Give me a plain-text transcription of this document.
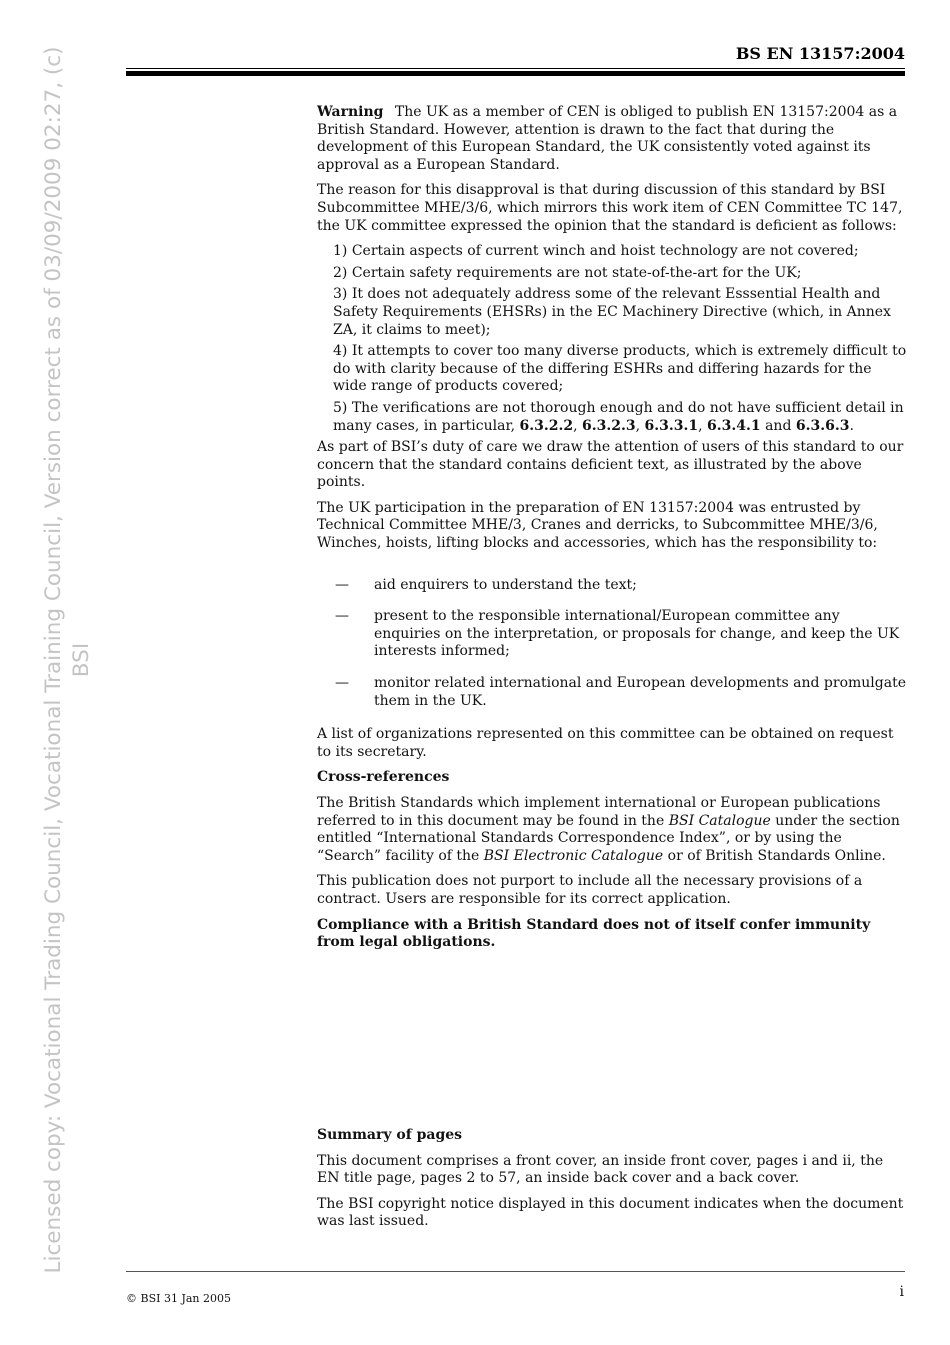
Licensed copy: Vocational Trading Council, Vocational Training Council, Version correct as of 03/09/2009 02:27, (c) BSI
BS EN 13157:2004

Warning The UK as a member of CEN is obliged to publish EN 13157:2004 as a British Standard. However, attention is drawn to the fact that during the development of this European Standard, the UK consistently voted against its approval as a European Standard.

The reason for this disapproval is that during discussion of this standard by BSI Subcommittee MHE/3/6, which mirrors this work item of CEN Committee TC 147, the UK committee expressed the opinion that the standard is deficient as follows:

1) Certain aspects of current winch and hoist technology are not covered;
2) Certain safety requirements are not state-of-the-art for the UK;
3) It does not adequately address some of the relevant Esssential Health and Safety Requirements (EHSRs) in the EC Machinery Directive (which, in Annex ZA, it claims to meet);
4) It attempts to cover too many diverse products, which is extremely difficult to do with clarity because of the differing ESHRs and differing hazards for the wide range of products covered;
5) The verifications are not thorough enough and do not have sufficient detail in many cases, in particular, 6.3.2.2, 6.3.2.3, 6.3.3.1, 6.3.4.1 and 6.3.6.3.

As part of BSI’s duty of care we draw the attention of users of this standard to our concern that the standard contains deficient text, as illustrated by the above points.

The UK participation in the preparation of EN 13157:2004 was entrusted by Technical Committee MHE/3, Cranes and derricks, to Subcommittee MHE/3/6, Winches, hoists, lifting blocks and accessories, which has the responsibility to:

— aid enquirers to understand the text;
— present to the responsible international/European committee any enquiries on the interpretation, or proposals for change, and keep the UK interests informed;
— monitor related international and European developments and promulgate them in the UK.

A list of organizations represented on this committee can be obtained on request to its secretary.

Cross-references

The British Standards which implement international or European publications referred to in this document may be found in the BSI Catalogue under the section entitled “International Standards Correspondence Index”, or by using the “Search” facility of the BSI Electronic Catalogue or of British Standards Online.

This publication does not purport to include all the necessary provisions of a contract. Users are responsible for its correct application.

Compliance with a British Standard does not of itself confer immunity from legal obligations.

Summary of pages

This document comprises a front cover, an inside front cover, pages i and ii, the EN title page, pages 2 to 57, an inside back cover and a back cover.

The BSI copyright notice displayed in this document indicates when the document was last issued.

© BSI 31 Jan 2005	i
